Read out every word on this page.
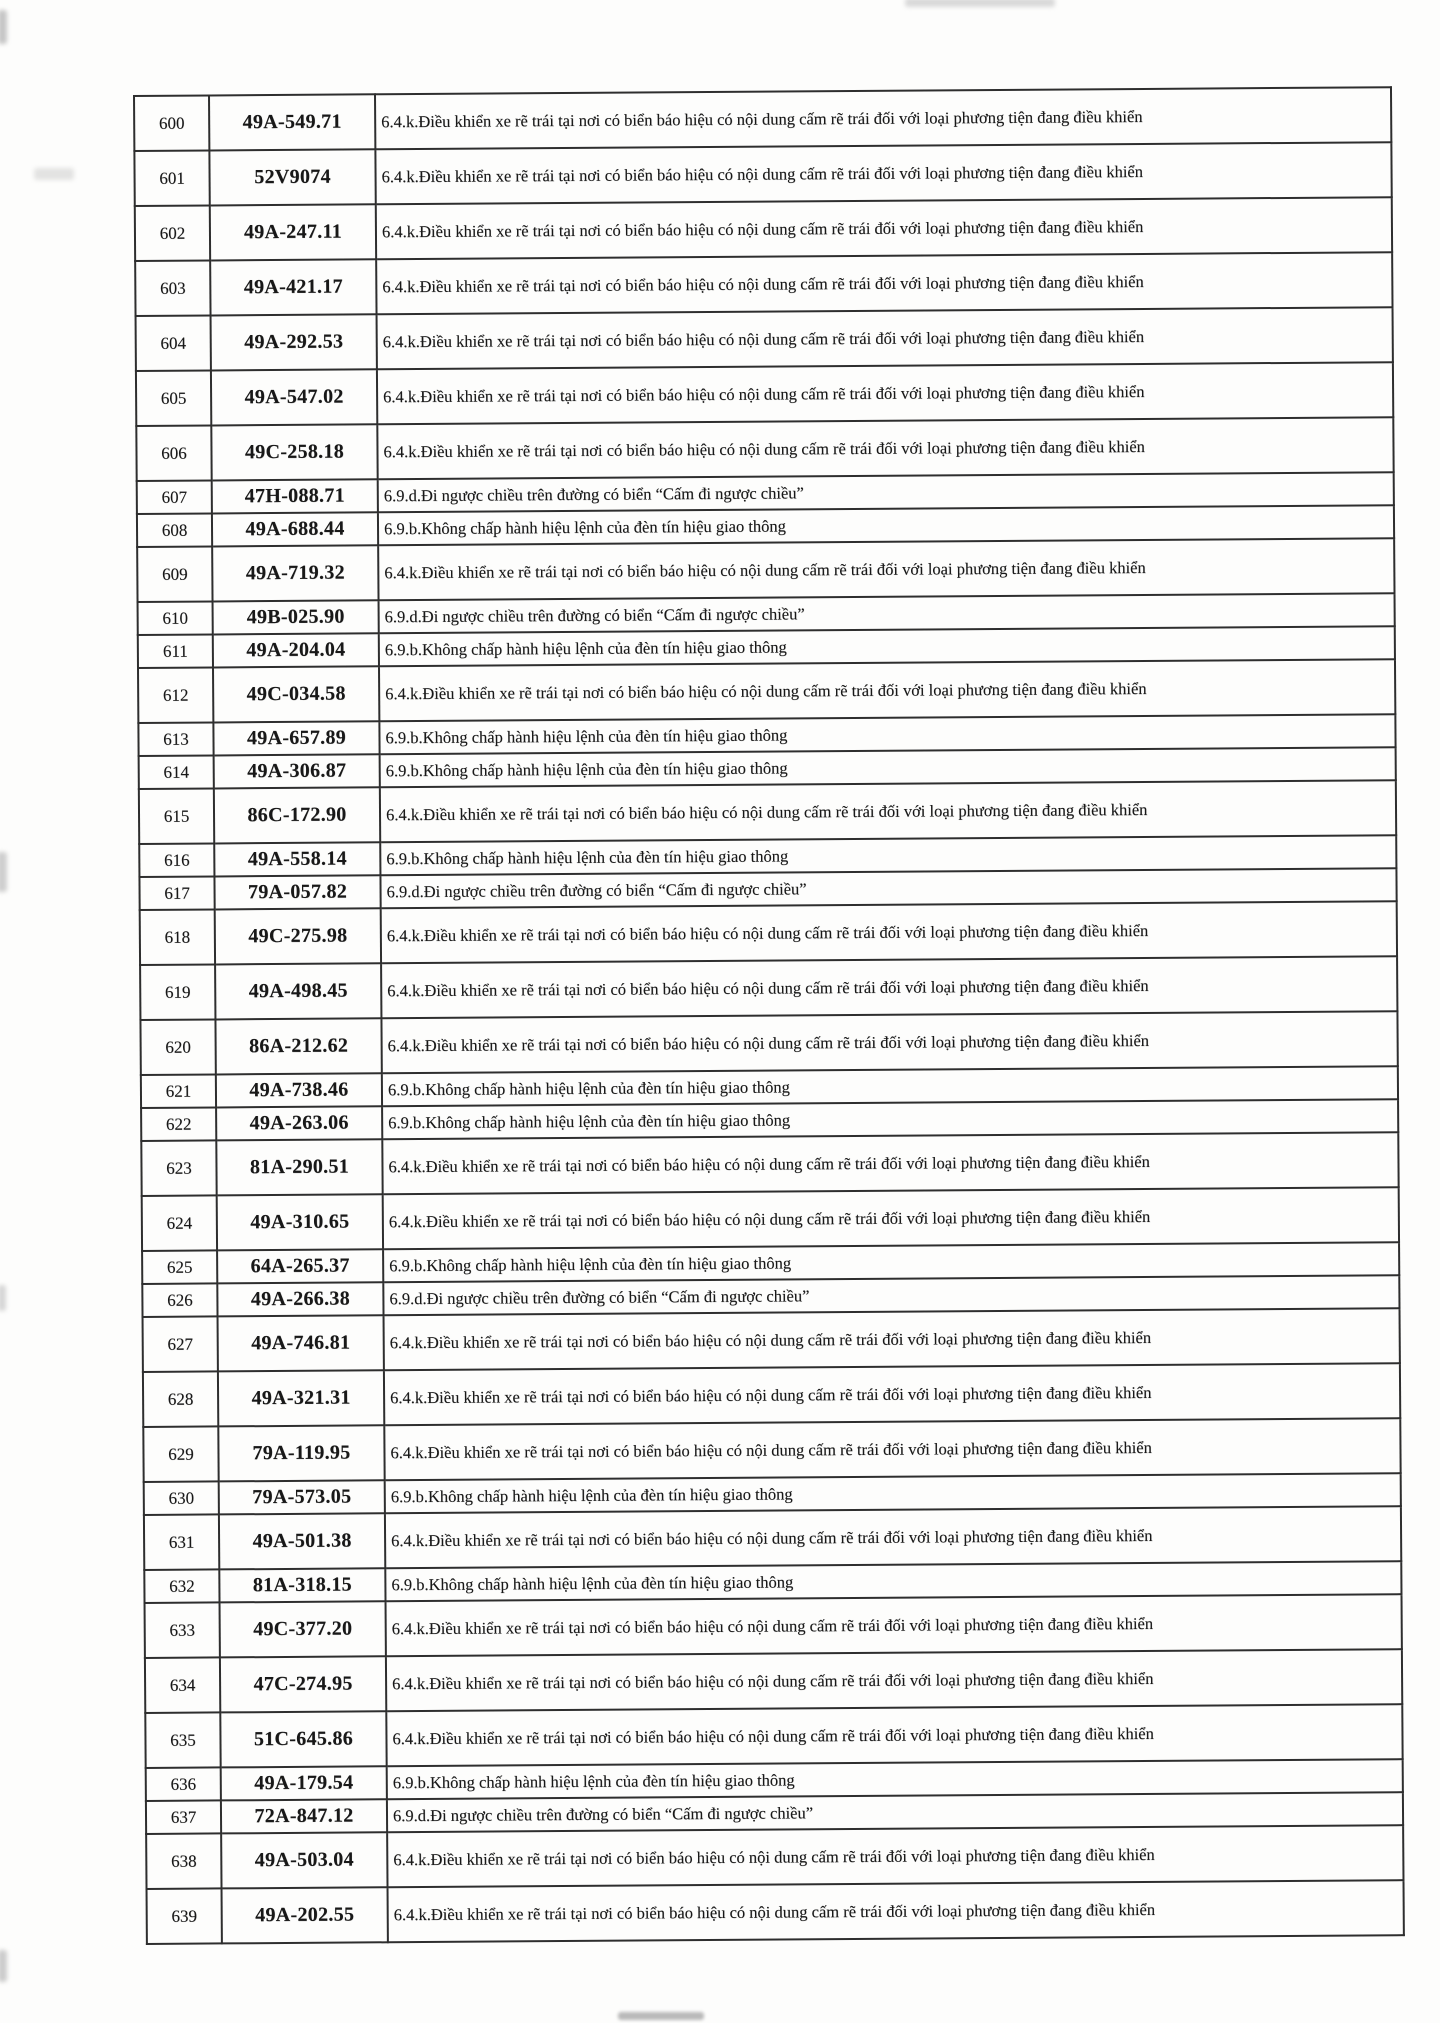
600	49A-549.71	6.4.k.Điều khiển xe rẽ trái tại nơi có biển báo hiệu có nội dung cấm rẽ trái đối với loại phương tiện đang điều khiển
601	52V9074	6.4.k.Điều khiển xe rẽ trái tại nơi có biển báo hiệu có nội dung cấm rẽ trái đối với loại phương tiện đang điều khiển
602	49A-247.11	6.4.k.Điều khiển xe rẽ trái tại nơi có biển báo hiệu có nội dung cấm rẽ trái đối với loại phương tiện đang điều khiển
603	49A-421.17	6.4.k.Điều khiển xe rẽ trái tại nơi có biển báo hiệu có nội dung cấm rẽ trái đối với loại phương tiện đang điều khiển
604	49A-292.53	6.4.k.Điều khiển xe rẽ trái tại nơi có biển báo hiệu có nội dung cấm rẽ trái đối với loại phương tiện đang điều khiển
605	49A-547.02	6.4.k.Điều khiển xe rẽ trái tại nơi có biển báo hiệu có nội dung cấm rẽ trái đối với loại phương tiện đang điều khiển
606	49C-258.18	6.4.k.Điều khiển xe rẽ trái tại nơi có biển báo hiệu có nội dung cấm rẽ trái đối với loại phương tiện đang điều khiển
607	47H-088.71	6.9.d.Đi ngược chiều trên đường có biển “Cấm đi ngược chiều”
608	49A-688.44	6.9.b.Không chấp hành hiệu lệnh của đèn tín hiệu giao thông
609	49A-719.32	6.4.k.Điều khiển xe rẽ trái tại nơi có biển báo hiệu có nội dung cấm rẽ trái đối với loại phương tiện đang điều khiển
610	49B-025.90	6.9.d.Đi ngược chiều trên đường có biển “Cấm đi ngược chiều”
611	49A-204.04	6.9.b.Không chấp hành hiệu lệnh của đèn tín hiệu giao thông
612	49C-034.58	6.4.k.Điều khiển xe rẽ trái tại nơi có biển báo hiệu có nội dung cấm rẽ trái đối với loại phương tiện đang điều khiển
613	49A-657.89	6.9.b.Không chấp hành hiệu lệnh của đèn tín hiệu giao thông
614	49A-306.87	6.9.b.Không chấp hành hiệu lệnh của đèn tín hiệu giao thông
615	86C-172.90	6.4.k.Điều khiển xe rẽ trái tại nơi có biển báo hiệu có nội dung cấm rẽ trái đối với loại phương tiện đang điều khiển
616	49A-558.14	6.9.b.Không chấp hành hiệu lệnh của đèn tín hiệu giao thông
617	79A-057.82	6.9.d.Đi ngược chiều trên đường có biển “Cấm đi ngược chiều”
618	49C-275.98	6.4.k.Điều khiển xe rẽ trái tại nơi có biển báo hiệu có nội dung cấm rẽ trái đối với loại phương tiện đang điều khiển
619	49A-498.45	6.4.k.Điều khiển xe rẽ trái tại nơi có biển báo hiệu có nội dung cấm rẽ trái đối với loại phương tiện đang điều khiển
620	86A-212.62	6.4.k.Điều khiển xe rẽ trái tại nơi có biển báo hiệu có nội dung cấm rẽ trái đối với loại phương tiện đang điều khiển
621	49A-738.46	6.9.b.Không chấp hành hiệu lệnh của đèn tín hiệu giao thông
622	49A-263.06	6.9.b.Không chấp hành hiệu lệnh của đèn tín hiệu giao thông
623	81A-290.51	6.4.k.Điều khiển xe rẽ trái tại nơi có biển báo hiệu có nội dung cấm rẽ trái đối với loại phương tiện đang điều khiển
624	49A-310.65	6.4.k.Điều khiển xe rẽ trái tại nơi có biển báo hiệu có nội dung cấm rẽ trái đối với loại phương tiện đang điều khiển
625	64A-265.37	6.9.b.Không chấp hành hiệu lệnh của đèn tín hiệu giao thông
626	49A-266.38	6.9.d.Đi ngược chiều trên đường có biển “Cấm đi ngược chiều”
627	49A-746.81	6.4.k.Điều khiển xe rẽ trái tại nơi có biển báo hiệu có nội dung cấm rẽ trái đối với loại phương tiện đang điều khiển
628	49A-321.31	6.4.k.Điều khiển xe rẽ trái tại nơi có biển báo hiệu có nội dung cấm rẽ trái đối với loại phương tiện đang điều khiển
629	79A-119.95	6.4.k.Điều khiển xe rẽ trái tại nơi có biển báo hiệu có nội dung cấm rẽ trái đối với loại phương tiện đang điều khiển
630	79A-573.05	6.9.b.Không chấp hành hiệu lệnh của đèn tín hiệu giao thông
631	49A-501.38	6.4.k.Điều khiển xe rẽ trái tại nơi có biển báo hiệu có nội dung cấm rẽ trái đối với loại phương tiện đang điều khiển
632	81A-318.15	6.9.b.Không chấp hành hiệu lệnh của đèn tín hiệu giao thông
633	49C-377.20	6.4.k.Điều khiển xe rẽ trái tại nơi có biển báo hiệu có nội dung cấm rẽ trái đối với loại phương tiện đang điều khiển
634	47C-274.95	6.4.k.Điều khiển xe rẽ trái tại nơi có biển báo hiệu có nội dung cấm rẽ trái đối với loại phương tiện đang điều khiển
635	51C-645.86	6.4.k.Điều khiển xe rẽ trái tại nơi có biển báo hiệu có nội dung cấm rẽ trái đối với loại phương tiện đang điều khiển
636	49A-179.54	6.9.b.Không chấp hành hiệu lệnh của đèn tín hiệu giao thông
637	72A-847.12	6.9.d.Đi ngược chiều trên đường có biển “Cấm đi ngược chiều”
638	49A-503.04	6.4.k.Điều khiển xe rẽ trái tại nơi có biển báo hiệu có nội dung cấm rẽ trái đối với loại phương tiện đang điều khiển
639	49A-202.55	6.4.k.Điều khiển xe rẽ trái tại nơi có biển báo hiệu có nội dung cấm rẽ trái đối với loại phương tiện đang điều khiển
